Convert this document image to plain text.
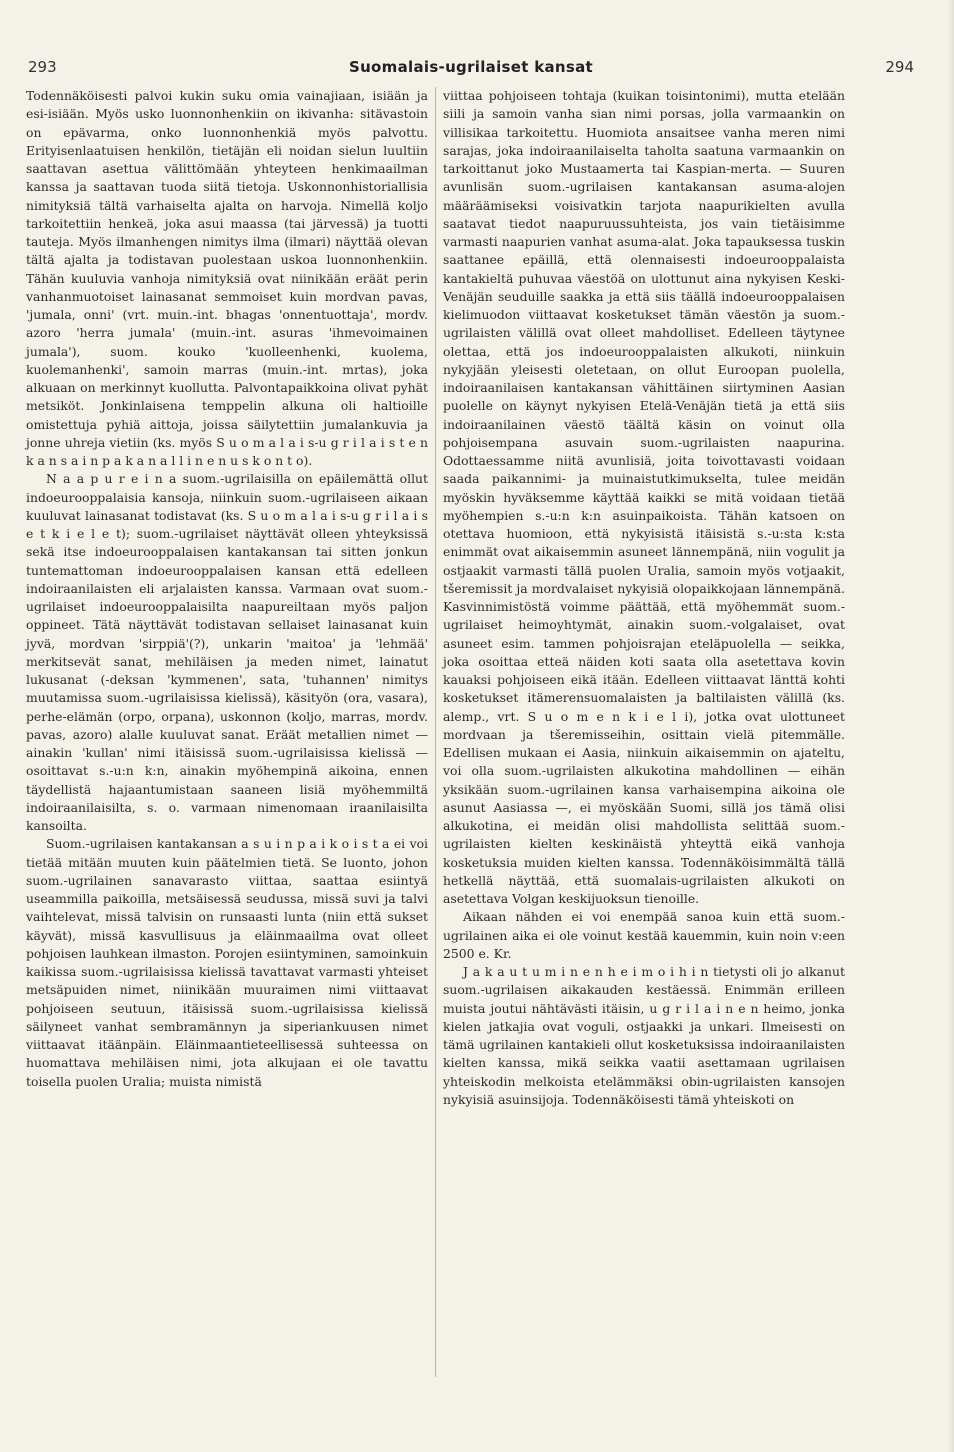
293	Suomalais-ugrilaiset kansat	294

Todennäköisesti palvoi kukin suku omia vainajiaan, isiään ja esi-isiään. Myös usko luonnonhenkiin on ikivanha: sitävastoin on epävarma, onko luonnonhenkiä myös palvottu. Erityisenlaatuisen henkilön, tietäjän eli noidan sielun luultiin saattavan asettua välittömään yhteyteen henkimaailman kanssa ja saattavan tuoda siitä tietoja. Uskonnonhistoriallisia nimityksiä tältä varhaiselta ajalta on harvoja. Nimellä koljo tarkoitettiin henkeä, joka asui maassa (tai järvessä) ja tuotti tauteja. Myös ilmanhengen nimitys ilma (ilmari) näyttää olevan tältä ajalta ja todistavan puolestaan uskoa luonnonhenkiin. Tähän kuuluvia vanhoja nimityksiä ovat niinikään eräät perin vanhanmuotoiset lainasanat semmoiset kuin mordvan pavas, 'jumala, onni' (vrt. muin.-int. bhagas 'onnentuottaja', mordv. azoro 'herra jumala' (muin.-int. asuras 'ihmevoimainen jumala'), suom. kouko 'kuolleenhenki, kuolema, kuolemanhenki', samoin marras (muin.-int. mrtas), joka alkuaan on merkinnyt kuollutta. Palvontapaikkoina olivat pyhät metsiköt. Jonkinlaisena temppelin alkuna oli haltioille omistettuja pyhiä aittoja, joissa säilytettiin jumalankuvia ja jonne uhreja vietiin (ks. myös S u o m a l a i s-u g r i l a i s t e n k a n s a i n p a k a n a l l i n e n u s k o n t o).

N a a p u r e i n a suom.-ugrilaisilla on epäilemättä ollut indoeurooppalaisia kansoja, niinkuin suom.-ugrilaiseen aikaan kuuluvat lainasanat todistavat (ks. S u o m a l a i s-u g r i l a i s e t k i e l e t); suom.-ugrilaiset näyttävät olleen yhteyksissä sekä itse indoeurooppalaisen kantakansan tai sitten jonkun tuntemattoman indoeurooppalaisen kansan että edelleen indoiraanilaisten eli arjalaisten kanssa. Varmaan ovat suom.-ugrilaiset indoeurooppalaisilta naapureiltaan myös paljon oppineet. Tätä näyttävät todistavan sellaiset lainasanat kuin jyvä, mordvan 'sirppiä'(?), unkarin 'maitoa' ja 'lehmää' merkitsevät sanat, mehiläisen ja meden nimet, lainatut lukusanat (-deksan 'kymmenen', sata, 'tuhannen' nimitys muutamissa suom.-ugrilaisissa kielissä), käsityön (ora, vasara), perhe-elämän (orpo, orpana), uskonnon (koljo, marras, mordv. pavas, azoro) alalle kuuluvat sanat. Eräät metallien nimet — ainakin 'kullan' nimi itäisissä suom.-ugrilaisissa kielissä — osoittavat s.-u:n k:n, ainakin myöhempinä aikoina, ennen täydellistä hajaantumistaan saaneen lisiä myöhemmiltä indoiraanilaisilta, s. o. varmaan nimenomaan iraanilaisilta kansoilta.

Suom.-ugrilaisen kantakansan a s u i n p a i k o i s t a ei voi tietää mitään muuten kuin päätelmien tietä. Se luonto, johon suom.-ugrilainen sanavarasto viittaa, saattaa esiintyä useammilla paikoilla, metsäisessä seudussa, missä suvi ja talvi vaihtelevat, missä talvisin on runsaasti lunta (niin että sukset käyvät), missä kasvullisuus ja eläinmaailma ovat olleet pohjoisen lauhkean ilmaston. Porojen esiintyminen, samoinkuin kaikissa suom.-ugrilaisissa kielissä tavattavat varmasti yhteiset metsäpuiden nimet, niinikään muuraimen nimi viittaavat pohjoiseen seutuun, itäisissä suom.-ugrilaisissa kielissä säilyneet vanhat sembramännyn ja siperiankuusen nimet viittaavat itäänpäin. Eläinmaantieteellisessä suhteessa on huomattava mehiläisen nimi, jota alkujaan ei ole tavattu toisella puolen Uralia; muista nimistä

viittaa pohjoiseen tohtaja (kuikan toisintonimi), mutta etelään siili ja samoin vanha sian nimi porsas, jolla varmaankin on villisikaa tarkoitettu. Huomiota ansaitsee vanha meren nimi sarajas, joka indoiraanilaiselta taholta saatuna varmaankin on tarkoittanut joko Mustaamerta tai Kaspian-merta. — Suuren avunlisän suom.-ugrilaisen kantakansan asuma-alojen määräämiseksi voisivatkin tarjota naapurikielten avulla saatavat tiedot naapuruussuhteista, jos vain tietäisimme varmasti naapurien vanhat asuma-alat. Joka tapauksessa tuskin saattanee epäillä, että olennaisesti indoeurooppalaista kantakieltä puhuvaa väestöä on ulottunut aina nykyisen Keski-Venäjän seuduille saakka ja että siis täällä indoeurooppalaisen kielimuodon viittaavat kosketukset tämän väestön ja suom.-ugrilaisten välillä ovat olleet mahdolliset. Edelleen täytynee olettaa, että jos indoeurooppalaisten alkukoti, niinkuin nykyjään yleisesti oletetaan, on ollut Euroopan puolella, indoiraanilaisen kantakansan vähittäinen siirtyminen Aasian puolelle on käynyt nykyisen Etelä-Venäjän tietä ja että siis indoiraanilainen väestö täältä käsin on voinut olla pohjoisempana asuvain suom.-ugrilaisten naapurina. Odottaessamme niitä avunlisiä, joita toivottavasti voidaan saada paikannimi- ja muinaistutkimukselta, tulee meidän myöskin hyväksemme käyttää kaikki se mitä voidaan tietää myöhempien s.-u:n k:n asuinpaikoista. Tähän katsoen on otettava huomioon, että nykyisistä itäisistä s.-u:sta k:sta enimmät ovat aikaisemmin asuneet lännempänä, niin vogulit ja ostjaakit varmasti tällä puolen Uralia, samoin myös votjaakit, tšeremissit ja mordvalaiset nykyisiä olopaikkojaan lännempänä. Kasvinnimistöstä voimme päättää, että myöhemmät suom.-ugrilaiset heimoyhtymät, ainakin suom.-volgalaiset, ovat asuneet esim. tammen pohjoisrajan eteläpuolella — seikka, joka osoittaa etteä näiden koti saata olla asetettava kovin kauaksi pohjoiseen eikä itään. Edelleen viittaavat länttä kohti kosketukset itämerensuomalaisten ja baltilaisten välillä (ks. alemp., vrt. S u o m e n k i e l i), jotka ovat ulottuneet mordvaan ja tšeremisseihin, osittain vielä pitemmälle. Edellisen mukaan ei Aasia, niinkuin aikaisemmin on ajateltu, voi olla suom.-ugrilaisten alkukotina mahdollinen — eihän yksikään suom.-ugrilainen kansa varhaisempina aikoina ole asunut Aasiassa —, ei myöskään Suomi, sillä jos tämä olisi alkukotina, ei meidän olisi mahdollista selittää suom.-ugrilaisten kielten keskinäistä yhteyttä eikä vanhoja kosketuksia muiden kielten kanssa. Todennäköisimmältä tällä hetkellä näyttää, että suomalais-ugrilaisten alkukoti on asetettava Volgan keskijuoksun tienoille.

Aikaan nähden ei voi enempää sanoa kuin että suom.-ugrilainen aika ei ole voinut kestää kauemmin, kuin noin v:een 2500 e. Kr.

J a k a u t u m i n e n h e i m o i h i n tietysti oli jo alkanut suom.-ugrilaisen aikakauden kestäessä. Enimmän erilleen muista joutui nähtävästi itäisin, u g r i l a i n e n heimo, jonka kielen jatkajia ovat voguli, ostjaakki ja unkari. Ilmeisesti on tämä ugrilainen kantakieli ollut kosketuksissa indoiraanilaisten kielten kanssa, mikä seikka vaatii asettamaan ugrilaisen yhteiskodin melkoista etelämmäksi obin-ugrilaisten kansojen nykyisiä asuinsijoja. Todennäköisesti tämä yhteiskoti on
